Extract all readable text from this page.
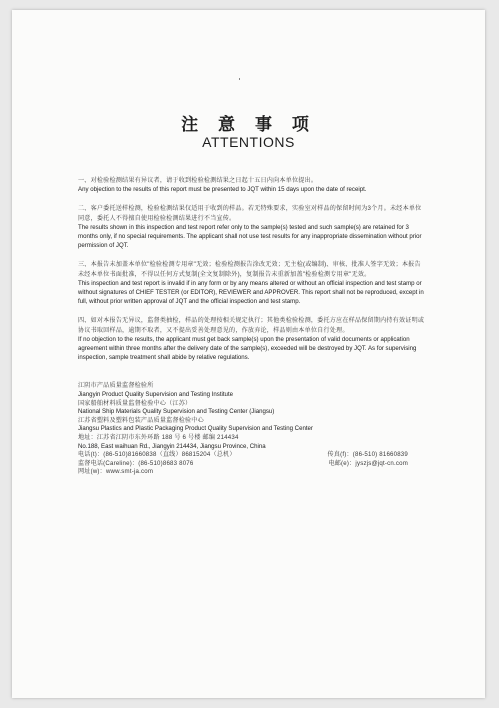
注 意 事 项
ATTENTIONS
一、对检验检测结果有异议者，请于收到检验检测结果之日起十五日内向本单位提出。
Any objection to the results of this report must be presented to JQT within 15 days upon the date of receipt.
二、客户委托送样检测，检验检测结果仅适用于收到的样品。若无特殊要求，实验室对样品的保留时间为3个月。未经本单位同意，委托人不得擅自使用检验检测结果进行不当宣传。
The results shown in this inspection and test report refer only to the sample(s) tested and such sample(s) are retained for 3 months only, if no special requirements. The applicant shall not use test results for any inappropriate dissemination without prior permission of JQT.
三、本报告未加盖本单位"检验检测专用章"无效；检验检测报告涂改无效；无主检(或编制)、审核、批准人签字无效；本报告未经本单位书面批准，不得以任何方式复制(全文复制除外)，复制报告未重新加盖"检验检测专用章"无效。
This inspection and test report is invalid if in any form or by any means altered or without an official inspection and test stamp or without signatures of CHIEF TESTER (or EDITOR), REVIEWER and APPROVER. This report shall not be reproduced, except in full, without prior written approval of JQT and the official inspection and test stamp.
四、如对本报告无异议，监督类抽检，样品的处理按相关规定执行；其他类检验检测，委托方应在样品保留期内持有效证明或协议书取回样品，逾期不取者，又不提出妥善处理意见的，作放弃论，样品则由本单位自行处理。
If no objection to the results, the applicant must get back sample(s) upon the presentation of valid documents or application agreement within three months after the delivery date of the sample(s), exceeded will be destroyed by JQT. As for supervising inspection, sample treatment shall abide by relative regulations.
江阴市产品质量监督检验所
Jiangyin Product Quality Supervision and Testing Institute
国家船舶材料质量监督检验中心（江苏）
National Ship Materials Quality Supervision and Testing Center (Jiangsu)
江苏省塑料及塑料包装产品质量监督检验中心
Jiangsu Plastics and Plastic Packaging Product Quality Supervision and Testing Center
地址：江苏省江阴市东外环路 188 号 6 号楼 邮编 214434
No.188, East waihuan Rd., Jiangyin 214434, Jiangsu Province, China
电话(t)：(86-510)81660838（直线）86815204（总机）	传真(f)：(86-510) 81660839
监督电话(Careline)：(86-510)8683 8076	电邮(e)：jyszjs@jqt-cn.com
网址(w)：www.smt-ja.com
